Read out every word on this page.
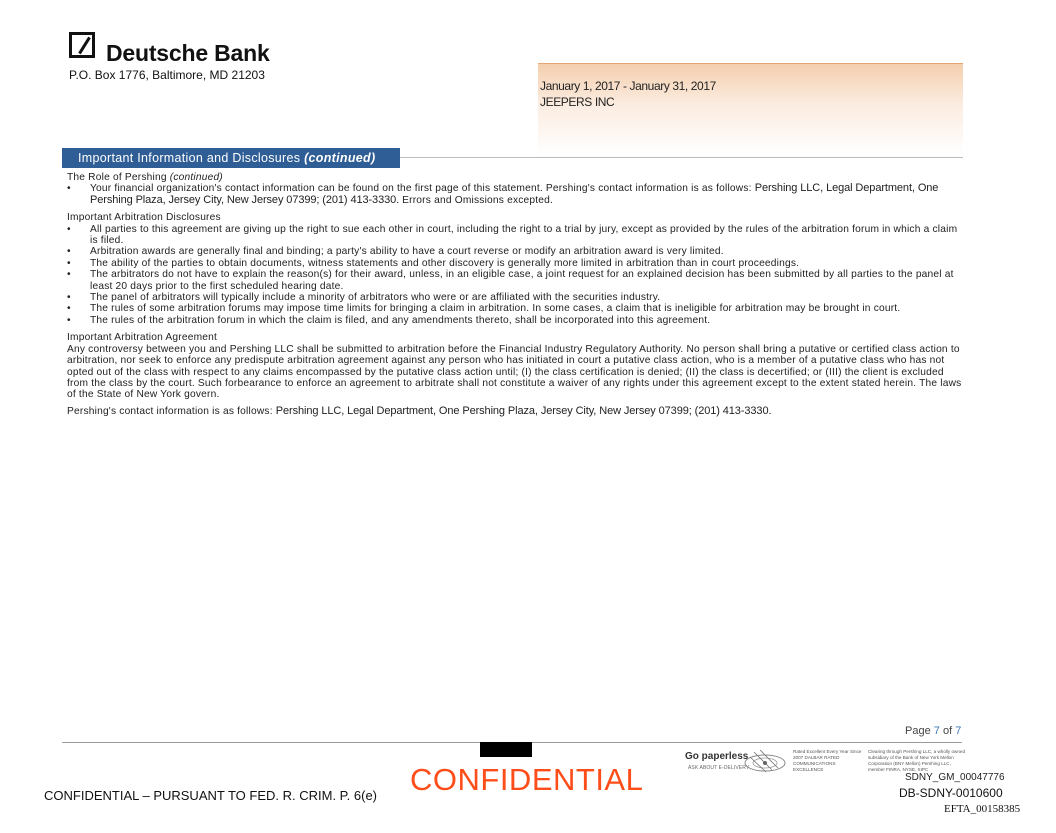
Deutsche Bank
P.O. Box 1776, Baltimore, MD 21203
January 1, 2017 - January 31, 2017
JEEPERS INC
Important Information and Disclosures (continued)

The Role of Pershing (continued)

• Your financial organization's contact information can be found on the first page of this statement. Pershing's contact information is as follows: Pershing LLC, Legal Department, One Pershing Plaza, Jersey City, New Jersey 07399; (201) 413-3330. Errors and Omissions excepted.

Important Arbitration Disclosures

• All parties to this agreement are giving up the right to sue each other in court, including the right to a trial by jury, except as provided by the rules of the arbitration forum in which a claim is filed.
• Arbitration awards are generally final and binding; a party's ability to have a court reverse or modify an arbitration award is very limited.
• The ability of the parties to obtain documents, witness statements and other discovery is generally more limited in arbitration than in court proceedings.
• The arbitrators do not have to explain the reason(s) for their award, unless, in an eligible case, a joint request for an explained decision has been submitted by all parties to the panel at least 20 days prior to the first scheduled hearing date.
• The panel of arbitrators will typically include a minority of arbitrators who were or are affiliated with the securities industry.
• The rules of some arbitration forums may impose time limits for bringing a claim in arbitration. In some cases, a claim that is ineligible for arbitration may be brought in court.
• The rules of the arbitration forum in which the claim is filed, and any amendments thereto, shall be incorporated into this agreement.

Important Arbitration Agreement

Any controversy between you and Pershing LLC shall be submitted to arbitration before the Financial Industry Regulatory Authority. No person shall bring a putative or certified class action to arbitration, nor seek to enforce any predispute arbitration agreement against any person who has initiated in court a putative class action, who is a member of a putative class who has not opted out of the class with respect to any claims encompassed by the putative class action until; (I) the class certification is denied; (II) the class is decertified; or (III) the client is excluded from the class by the court. Such forbearance to enforce an agreement to arbitrate shall not constitute a waiver of any rights under this agreement except to the extent stated herein. The laws of the State of New York govern.

Pershing's contact information is as follows: Pershing LLC, Legal Department, One Pershing Plaza, Jersey City, New Jersey 07399; (201) 413-3330.

Page 7 of 7
Go paperless
ASK ABOUT E-DELIVERY
Rated Excellent Every Year Since 2007 DALBAR RATED COMMUNICATIONS EXCELLENCE
Clearing through Pershing LLC, a wholly owned subsidiary of the Bank of New York Mellon Corporation (BNY Mellon) Pershing LLC, member FINRA, NYSE, SIPC
CONFIDENTIAL – PURSUANT TO FED. R. CRIM. P. 6(e) CONFIDENTIAL	SDNY_GM_00047776
DB-SDNY-0010600
EFTA_00158385
